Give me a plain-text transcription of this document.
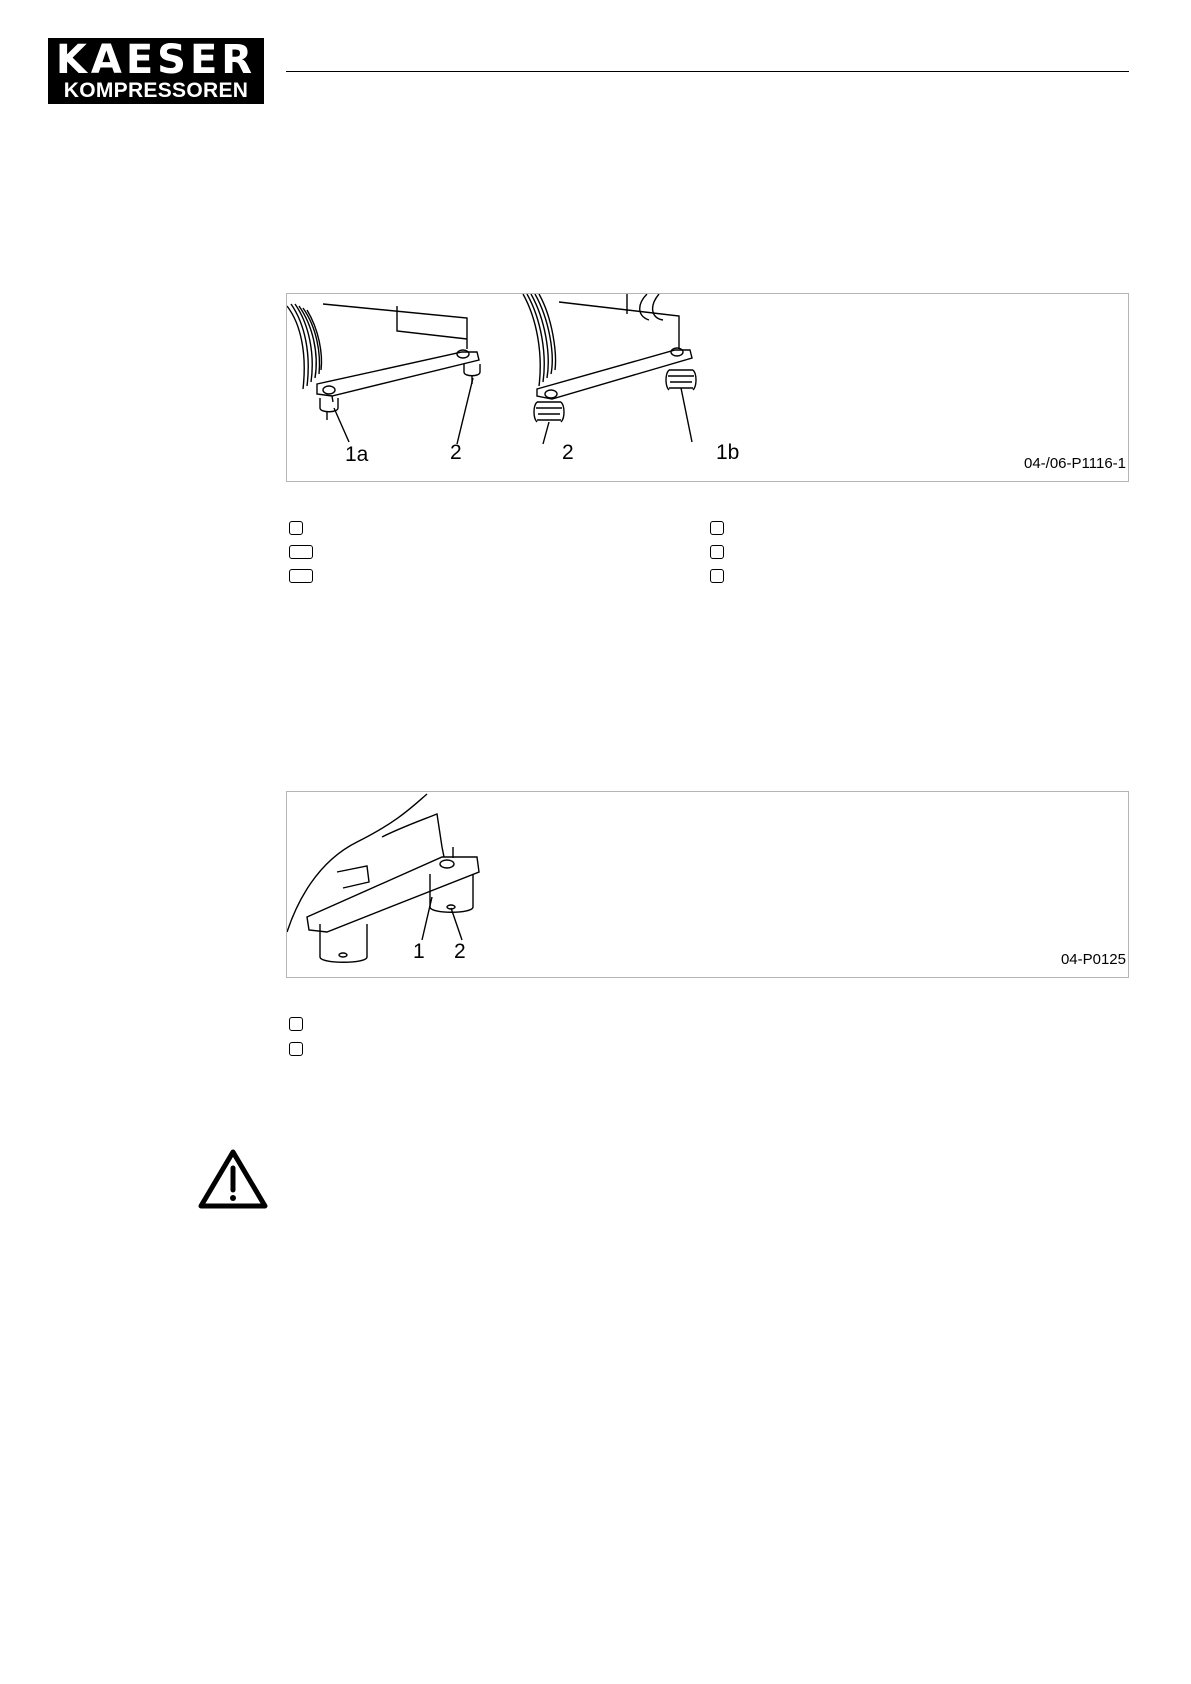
KAESER
KOMPRESSOREN
1a	2	2	1b	04-/06-P1116-1
1 2	04-P0125
